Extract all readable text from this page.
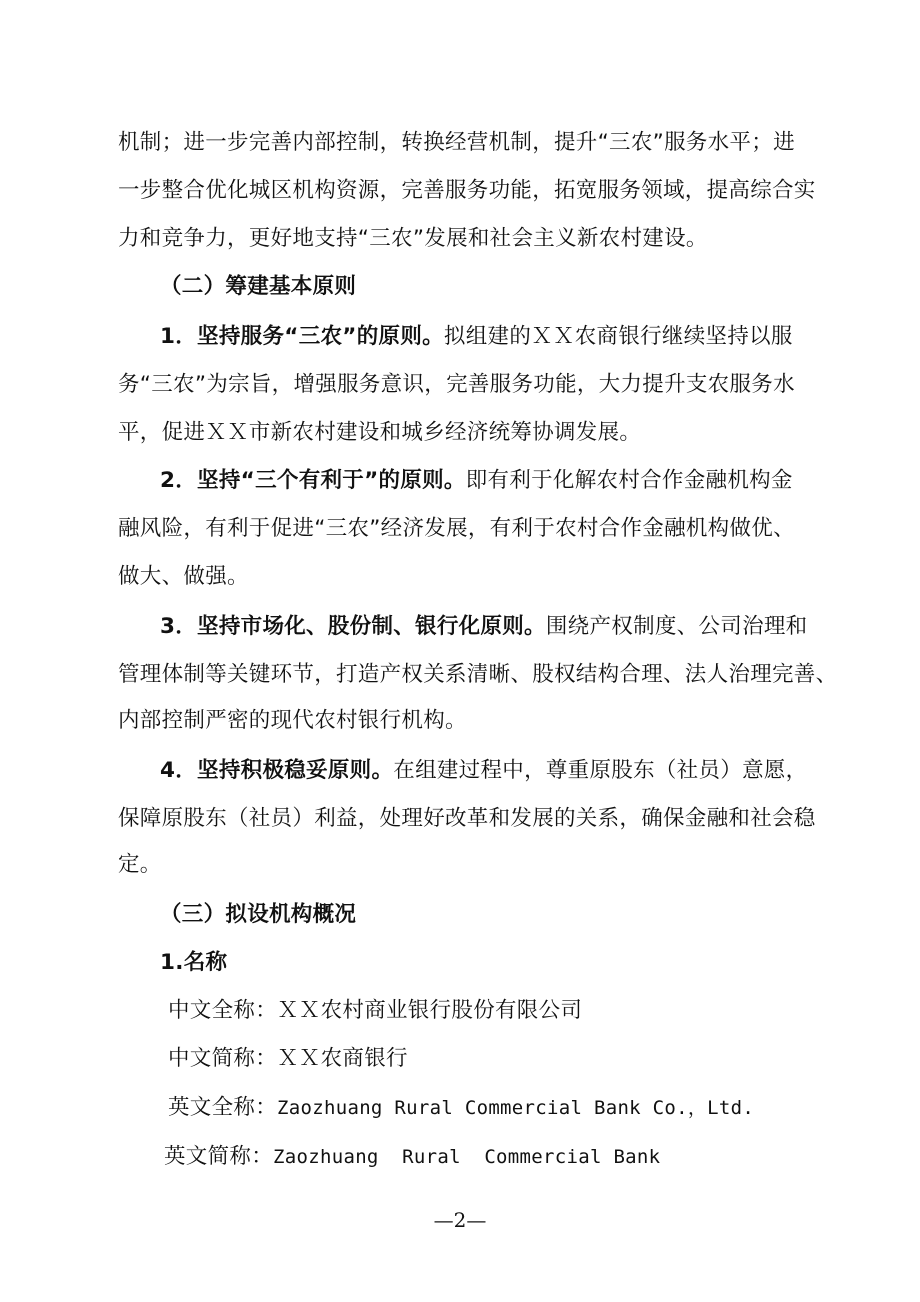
机制；进一步完善内部控制，转换经营机制，提升“三农”服务水平；进
一步整合优化城区机构资源，完善服务功能，拓宽服务领域，提高综合实
力和竞争力，更好地支持“三农”发展和社会主义新农村建设。
（二）筹建基本原则
1．坚持服务“三农”的原则。拟组建的ＸＸ农商银行继续坚持以服
务“三农”为宗旨，增强服务意识，完善服务功能，大力提升支农服务水
平，促进ＸＸ市新农村建设和城乡经济统筹协调发展。
2．坚持“三个有利于”的原则。即有利于化解农村合作金融机构金
融风险，有利于促进“三农”经济发展，有利于农村合作金融机构做优、
做大、做强。
3．坚持市场化、股份制、银行化原则。围绕产权制度、公司治理和
管理体制等关键环节，打造产权关系清晰、股权结构合理、法人治理完善、
内部控制严密的现代农村银行机构。
4．坚持积极稳妥原则。在组建过程中，尊重原股东（社员）意愿，
保障原股东（社员）利益，处理好改革和发展的关系，确保金融和社会稳
定。
（三）拟设机构概况
1.名称
中文全称：ＸＸ农村商业银行股份有限公司
中文简称：ＸＸ农商银行
英文全称：Zaozhuang Rural Commercial Bank Co.，Ltd.
英文简称：Zaozhuang  Rural  Commercial Bank
—2—
